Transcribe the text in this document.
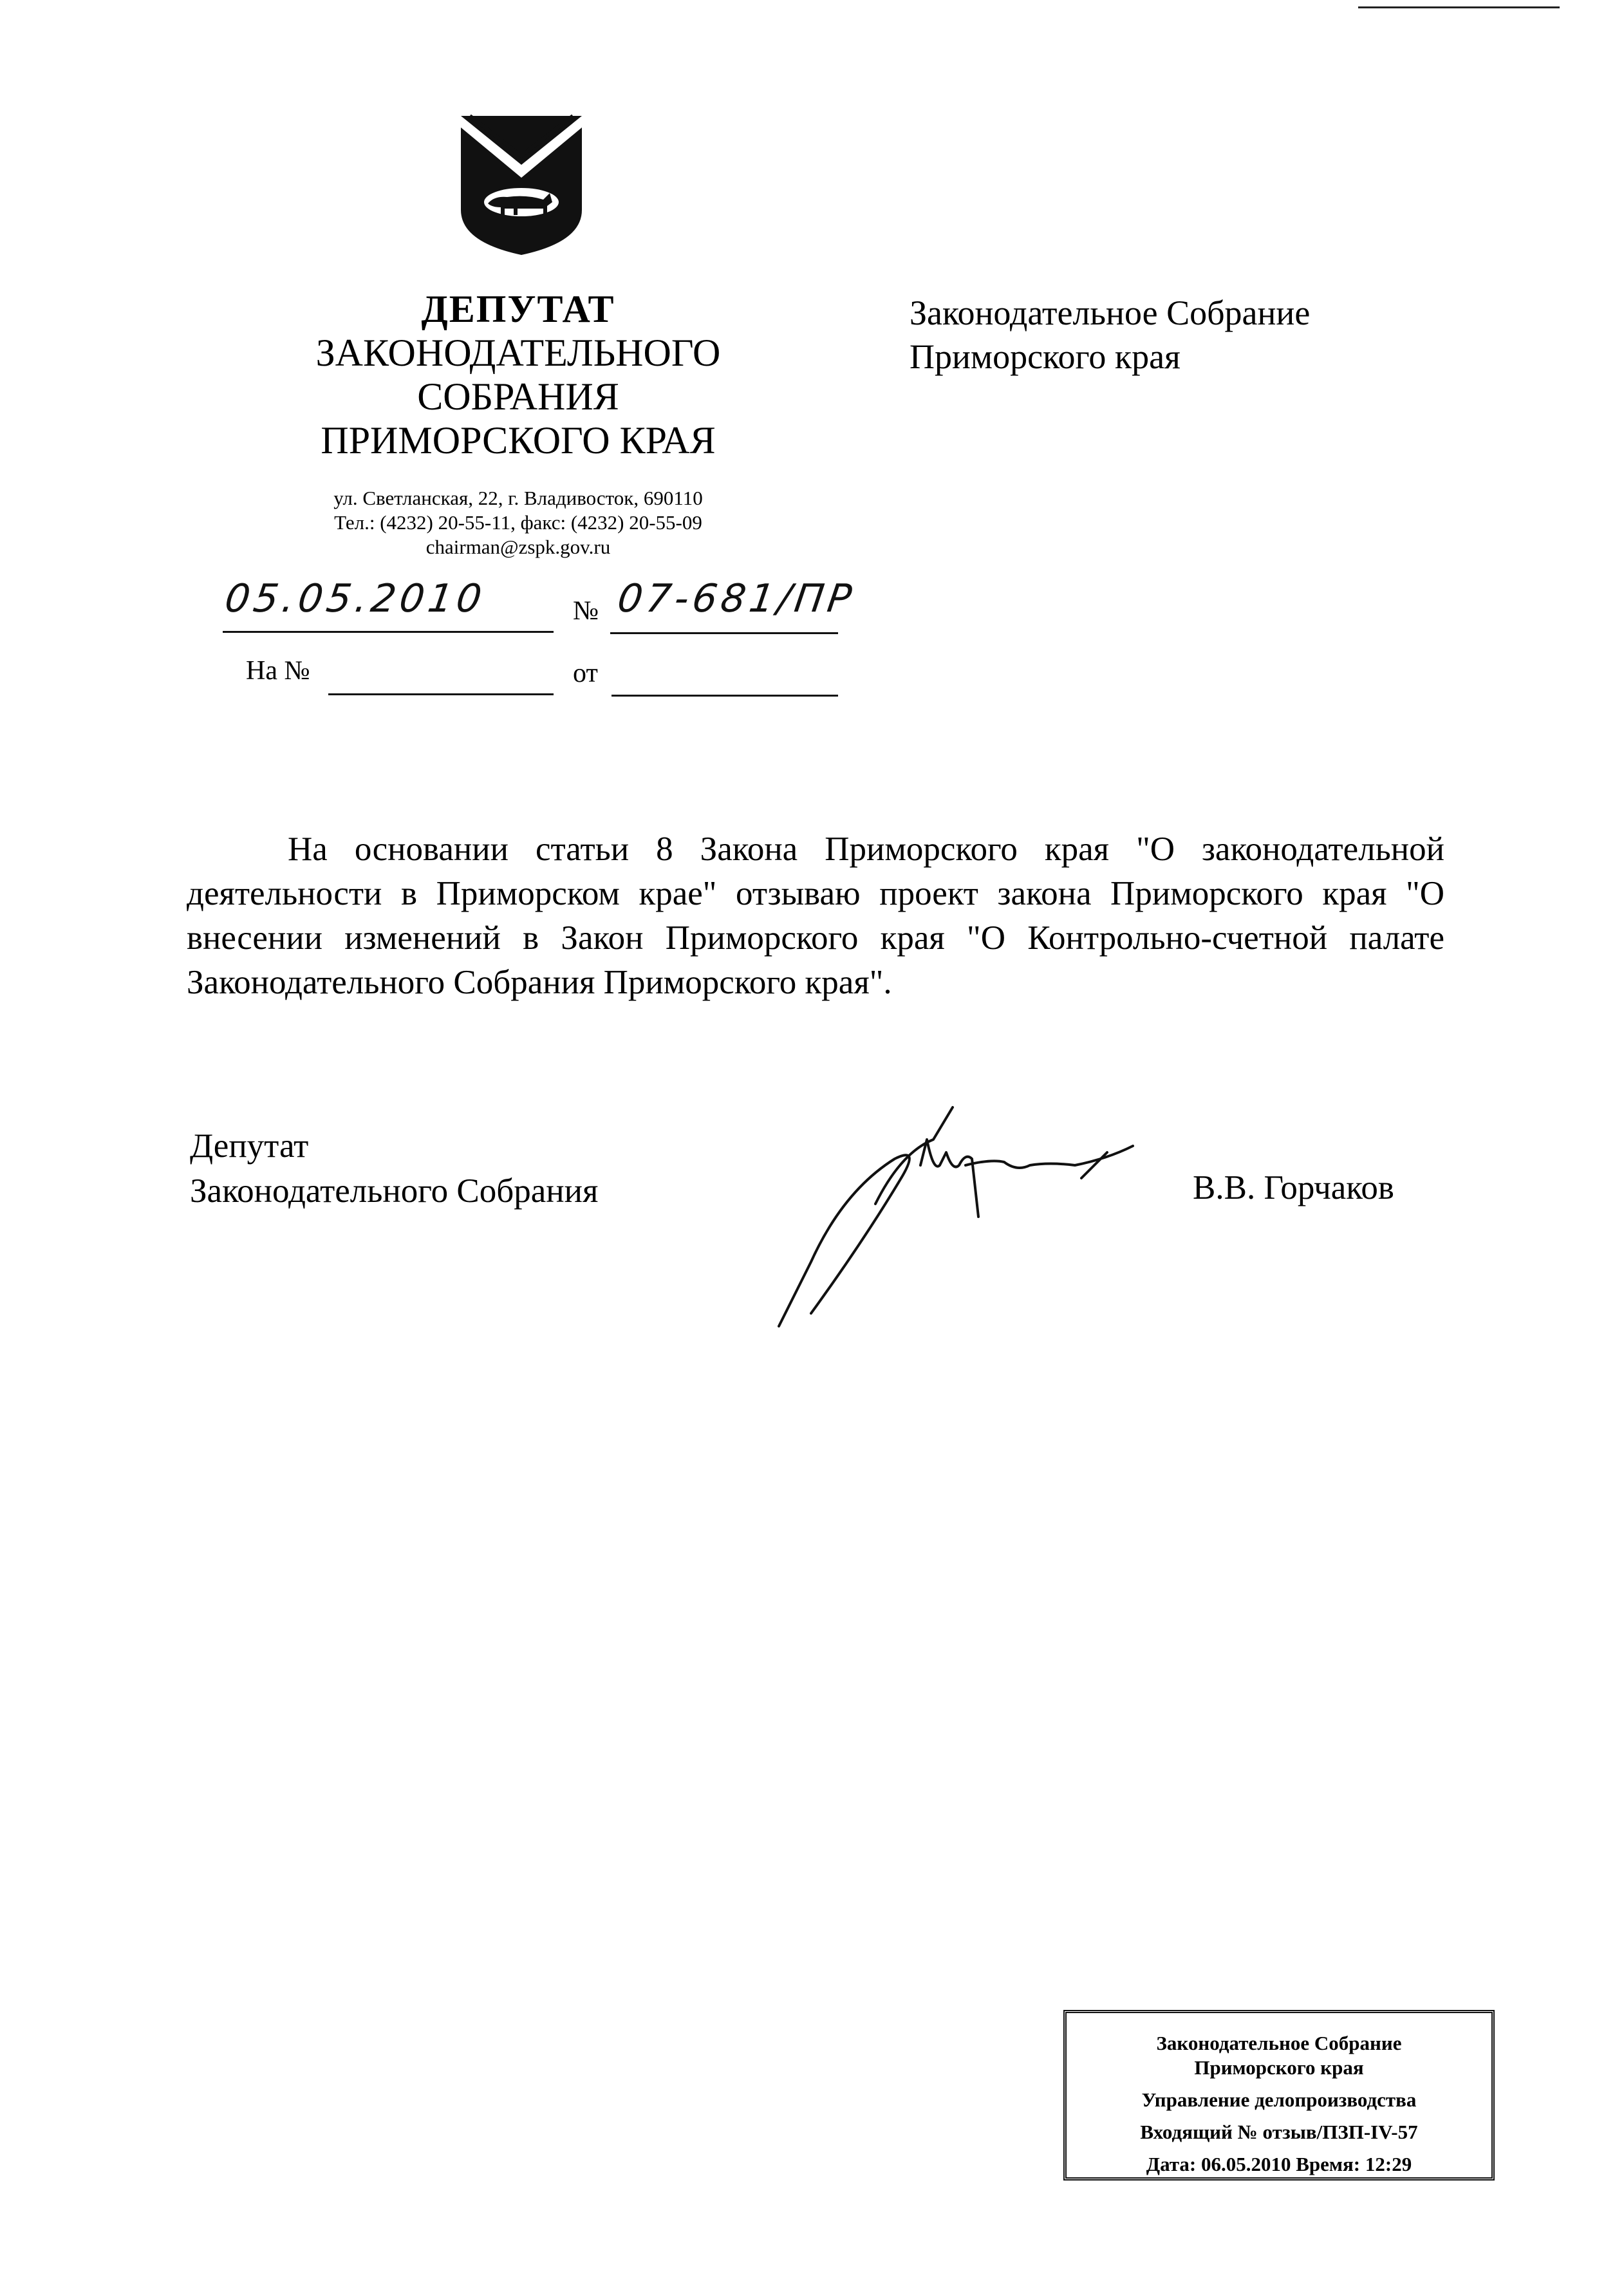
ДЕПУТАТ
ЗАКОНОДАТЕЛЬНОГО
СОБРАНИЯ
ПРИМОРСКОГО КРАЯ
Законодательное Собрание
Приморского края
ул. Светланская, 22, г. Владивосток, 690110
Тел.: (4232) 20-55-11, факс: (4232) 20-55-09
chairman@zspk.gov.ru
05.05.2010	№ 07-681/ПР
На №	от

На основании статьи 8 Закона Приморского края "О законодательной деятельности в Приморском крае" отзываю проект закона Приморского края "О внесении изменений в Закон Приморского края "О Контрольно-счетной палате Законодательного Собрания Приморского края".

Депутат
Законодательного Собрания	В.В. Горчаков
Законодательное Собрание
Приморского края
Управление делопроизводства
Входящий № отзыв/ПЗП-IV-57
Дата: 06.05.2010 Время: 12:29
